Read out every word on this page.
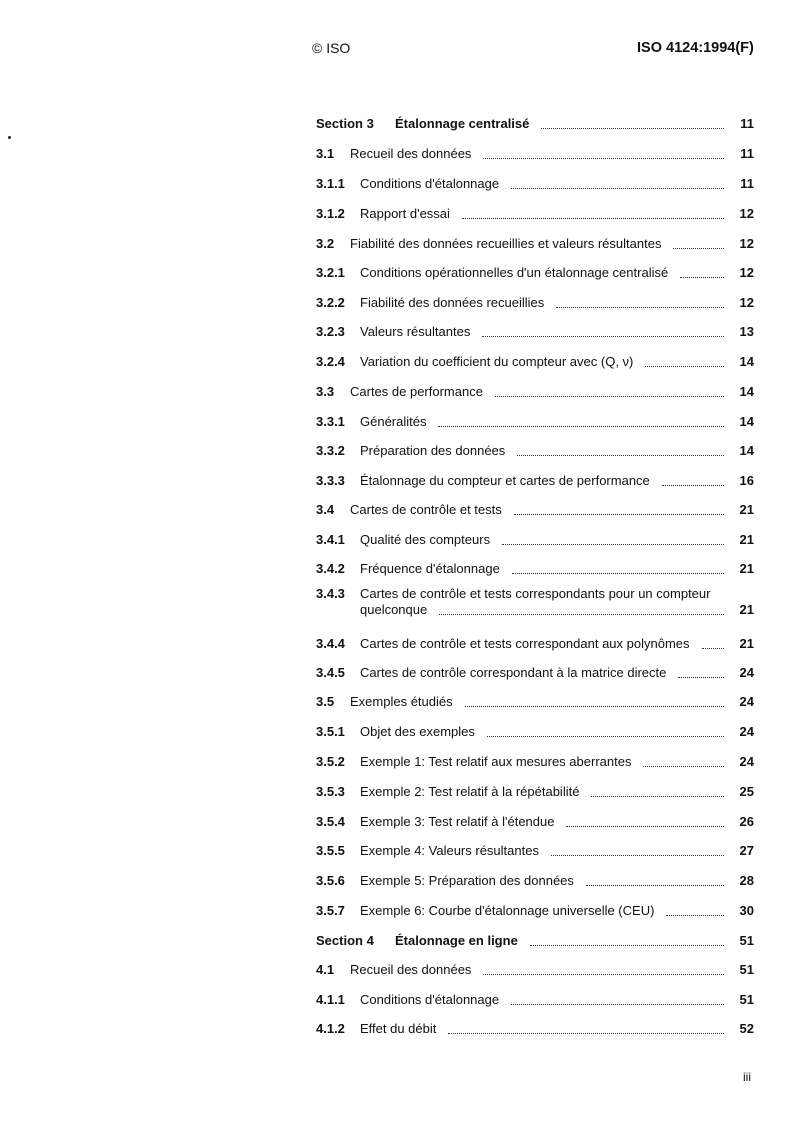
© ISO	ISO 4124:1994(F)
Section 3	Étalonnage centralisé	11
3.1	Recueil des données	11
3.1.1	Conditions d'étalonnage	11
3.1.2	Rapport d'essai	12
3.2	Fiabilité des données recueillies et valeurs résultantes	12
3.2.1	Conditions opérationnelles d'un étalonnage centralisé	12
3.2.2	Fiabilité des données recueillies	12
3.2.3	Valeurs résultantes	13
3.2.4	Variation du coefficient du compteur avec (Q, ν)	14
3.3	Cartes de performance	14
3.3.1	Généralités	14
3.3.2	Préparation des données	14
3.3.3	Étalonnage du compteur et cartes de performance	16
3.4	Cartes de contrôle et tests	21
3.4.1	Qualité des compteurs	21
3.4.2	Fréquence d'étalonnage	21
3.4.3	Cartes de contrôle et tests correspondants pour un compteur
quelconque	21
3.4.4	Cartes de contrôle et tests correspondant aux polynômes	21
3.4.5	Cartes de contrôle correspondant à la matrice directe	24
3.5	Exemples étudiés	24
3.5.1	Objet des exemples	24
3.5.2	Exemple 1: Test relatif aux mesures aberrantes	24
3.5.3	Exemple 2: Test relatif à la répétabilité	25
3.5.4	Exemple 3: Test relatif à l'étendue	26
3.5.5	Exemple 4: Valeurs résultantes	27
3.5.6	Exemple 5: Préparation des données	28
3.5.7	Exemple 6: Courbe d'étalonnage universelle (CEU)	30
Section 4	Étalonnage en ligne	51
4.1	Recueil des données	51
4.1.1	Conditions d'étalonnage	51
4.1.2	Effet du débit	52
iii
